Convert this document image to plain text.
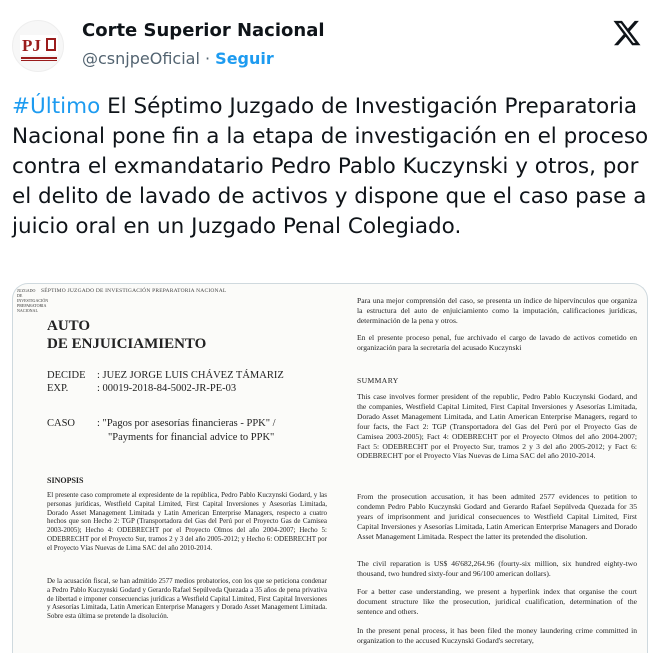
PJ
Corte Superior Nacional
@csnjpeOficial · Seguir
#Último El Séptimo Juzgado de Investigación Preparatoria Nacional pone fin a la etapa de investigación en el proceso contra el exmandatario Pedro Pablo Kuczynski y otros, por el delito de lavado de activos y dispone que el caso pase a juicio oral en un Juzgado Penal Colegiado.
JUZGADO DE INVESTIGACIÓN PREPARATORIA NACIONAL
SÉPTIMO JUZGADO DE INVESTIGACIÓN PREPARATORIA NACIONAL
AUTO
DE ENJUICIAMIENTO
DECIDE : JUEZ JORGE LUIS CHÁVEZ TÁMARIZ
EXP.	: 00019-2018-84-5002-JR-PE-03
CASO : "Pagos por asesorías financieras - PPK" /
"Payments for financial advice to PPK"
SINOPSIS
El presente caso compromete al expresidente de la república, Pedro Pablo Kuczynski Godard, y las personas jurídicas, Westfield Capital Limited, First Capital Inversiones y Asesorías Limitada, Dorado Asset Management Limitada y Latin American Enterprise Managers, respecto a cuatro hechos que son Hecho 2: TGP (Transportadora del Gas del Perú por el Proyecto Gas de Camisea 2003-2005); Hecho 4: ODEBRECHT por el Proyecto Olmos del año 2004-2007; Hecho 5: ODEBRECHT por el Proyecto Sur, tramos 2 y 3 del año 2005-2012; y Hecho 6: ODEBRECHT por el Proyecto Vías Nuevas de Lima SAC del año 2010-2014.
De la acusación fiscal, se han admitido 2577 medios probatorios, con los que se peticiona condenar a Pedro Pablo Kuczynski Godard y Gerardo Rafael Sepúlveda Quezada a 35 años de pena privativa de libertad e imponer consecuencias jurídicas a Westfield Capital Limited, First Capital Inversiones y Asesorías Limitada, Latin American Enterprise Managers y Dorado Asset Management Limitada. Sobre esta última se pretende la disolución.
Para una mejor comprensión del caso, se presenta un índice de hipervínculos que organiza la estructura del auto de enjuiciamiento como la imputación, calificaciones jurídicas, determinación de la pena y otros.
En el presente proceso penal, fue archivado el cargo de lavado de activos cometido en organización para la secretaría del acusado Kuczynski
SUMMARY
This case involves former president of the republic, Pedro Pablo Kuczynski Godard, and the companies, Westfield Capital Limited, First Capital Inversiones y Asesorías Limitada, Dorado Asset Management Limitada, and Latin American Enterprise Managers, regard to four facts, the Fact 2: TGP (Transportadora del Gas del Perú por el Proyecto Gas de Camisea 2003-2005); Fact 4: ODEBRECHT por el Proyecto Olmos del año 2004-2007; Fact 5: ODEBRECHT por el Proyecto Sur, tramos 2 y 3 del año 2005-2012; y Fact 6: ODEBRECHT por el Proyecto Vías Nuevas de Lima SAC del año 2010-2014.
From the prosecution accusation, it has been admited 2577 evidences to petition to condemn Pedro Pablo Kuczynski Godard and Gerardo Rafael Sepúlveda Quezada for 35 years of imprisonment and juridical consecuences to Westfield Capital Limited, First Capital Inversiones y Asesorías Limitada, Latin American Enterprise Managers and Dorado Asset Management Limitada. Respect the latter its pretended the disolution.
The civil reparation is US$ 46'682,264.96 (fourty-six million, six hundred eighty-two thousand, two hundred sixty-four and 96/100 american dollars).
For a better case understanding, we present a hyperlink index that organise the court document structure like the prosecution, juridical cualification, determination of the sentence and others.
In the present penal process, it has been filed the money laundering crime committed in organization to the accused Kuczynski Godard's secretary,
